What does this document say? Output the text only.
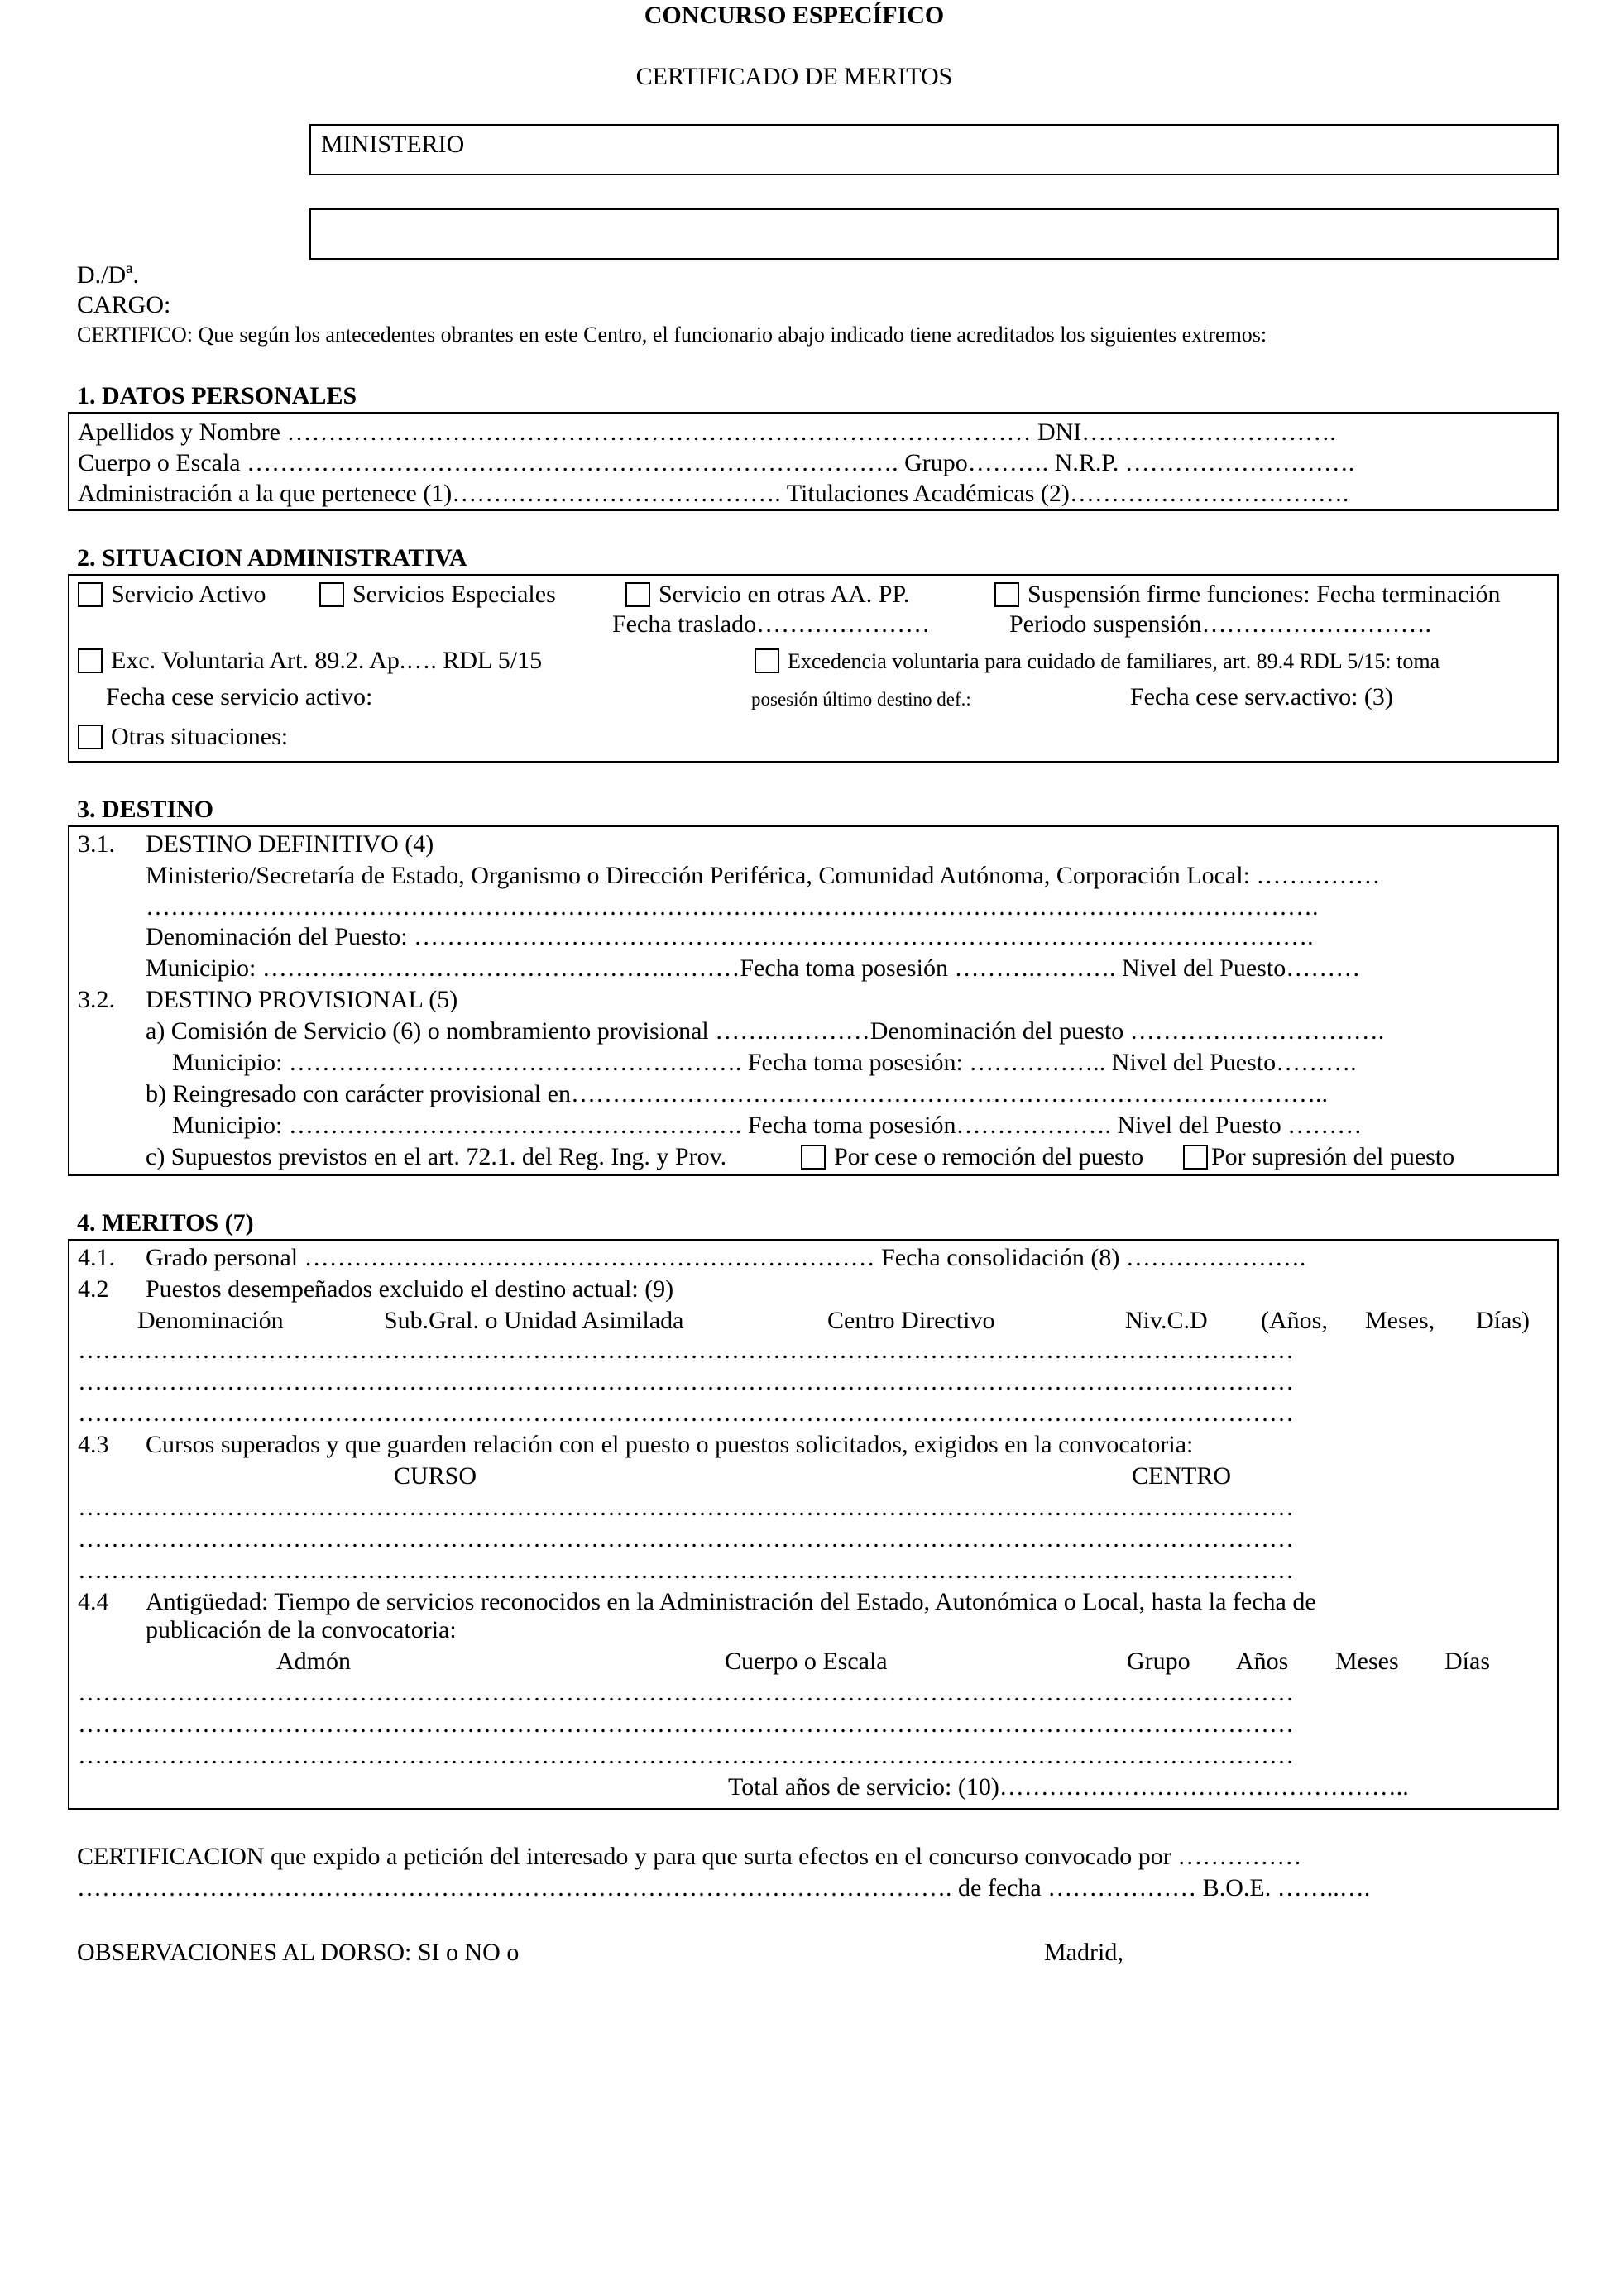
CONCURSO ESPECÍFICO
CERTIFICADO DE MERITOS
MINISTERIO
D./Dª.
CARGO:
CERTIFICO: Que según los antecedentes obrantes en este Centro, el funcionario abajo indicado tiene acreditados los siguientes extremos:
1. DATOS PERSONALES
Apellidos y Nombre ……………………………………………………………………………… DNI………………………….
Cuerpo o Escala ……………………………………………………………………. Grupo………. N.R.P. ……………………….
Administración a la que pertenece (1)…………………………………. Titulaciones Académicas (2)…………………………….
2. SITUACION ADMINISTRATIVA
Servicio Activo	Servicios Especiales	Servicio en otras AA. PP.	Suspensión firme funciones: Fecha terminación
Fecha traslado…………………	Periodo suspensión……………………….
Exc. Voluntaria Art. 89.2. Ap.…. RDL 5/15	Excedencia voluntaria para cuidado de familiares, art. 89.4 RDL 5/15: toma
Fecha cese servicio activo:	posesión último destino def.:	Fecha cese serv.activo: (3)
Otras situaciones:
3. DESTINO
3.1. DESTINO DEFINITIVO (4)
Ministerio/Secretaría de Estado, Organismo o Dirección Periférica, Comunidad Autónoma, Corporación Local: ……………
…………………………………………………………………………………………………………………………….
Denominación del Puesto: ……………………………………………………………………………………………….
Municipio: ………………………………………….………Fecha toma posesión ……….………. Nivel del Puesto………
3.2. DESTINO PROVISIONAL (5)
a) Comisión de Servicio (6) o nombramiento provisional …….…………Denominación del puesto ………………………….
Municipio: ………………………………………………. Fecha toma posesión: …………….. Nivel del Puesto……….
b) Reingresado con carácter provisional en………………………………………………………………………………..
Municipio: ………………………………………………. Fecha toma posesión………………. Nivel del Puesto ………
c) Supuestos previstos en el art. 72.1. del Reg. Ing. y Prov.	Por cese o remoción del puesto	Por supresión del puesto
4. MERITOS (7)
4.1. Grado personal …………………………………………………………… Fecha consolidación (8) ………………….
4.2 Puestos desempeñados excluido el destino actual: (9)
Denominación	Sub.Gral. o Unidad Asimilada	Centro Directivo	Niv.C.D (Años, Meses, Días)
…………………………………………………………………………………………………………………………………
…………………………………………………………………………………………………………………………………
…………………………………………………………………………………………………………………………………
4.3 Cursos superados y que guarden relación con el puesto o puestos solicitados, exigidos en la convocatoria:
CURSO	CENTRO
…………………………………………………………………………………………………………………………………
…………………………………………………………………………………………………………………………………
…………………………………………………………………………………………………………………………………
4.4 Antigüedad: Tiempo de servicios reconocidos en la Administración del Estado, Autonómica o Local, hasta la fecha de
publicación de la convocatoria:
Admón	Cuerpo o Escala	Grupo Años Meses Días
…………………………………………………………………………………………………………………………………
…………………………………………………………………………………………………………………………………
…………………………………………………………………………………………………………………………………
Total años de servicio: (10)…………………………………………..
CERTIFICACION que expido a petición del interesado y para que surta efectos en el concurso convocado por ……………
……………………………………………………………………………………………. de fecha ……………… B.O.E. ……..….
OBSERVACIONES AL DORSO: SI o NO o	Madrid,
